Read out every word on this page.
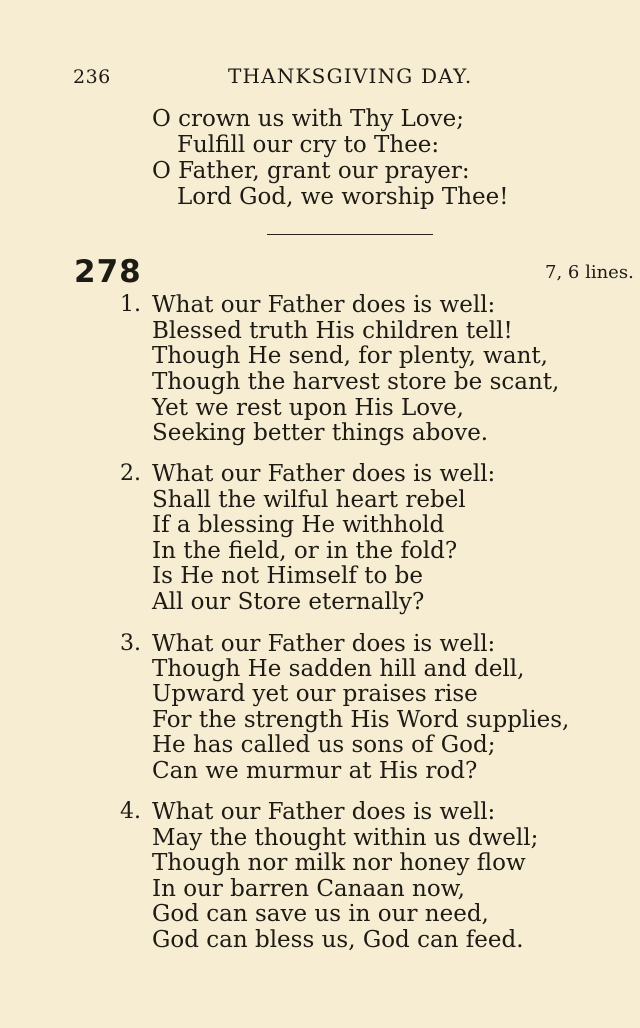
236	THANKSGIVING DAY.
O crown us with Thy Love;
Fulfill our cry to Thee:
O Father, grant our prayer:
Lord God, we worship Thee!
278	7, 6 lines.
1. What our Father does is well:
Blessed truth His children tell!
Though He send, for plenty, want,
Though the harvest store be scant,
Yet we rest upon His Love,
Seeking better things above.
2. What our Father does is well:
Shall the wilful heart rebel
If a blessing He withhold
In the field, or in the fold?
Is He not Himself to be
All our Store eternally?
3. What our Father does is well:
Though He sadden hill and dell,
Upward yet our praises rise
For the strength His Word supplies,
He has called us sons of God;
Can we murmur at His rod?
4. What our Father does is well:
May the thought within us dwell;
Though nor milk nor honey flow
In our barren Canaan now,
God can save us in our need,
God can bless us, God can feed.
